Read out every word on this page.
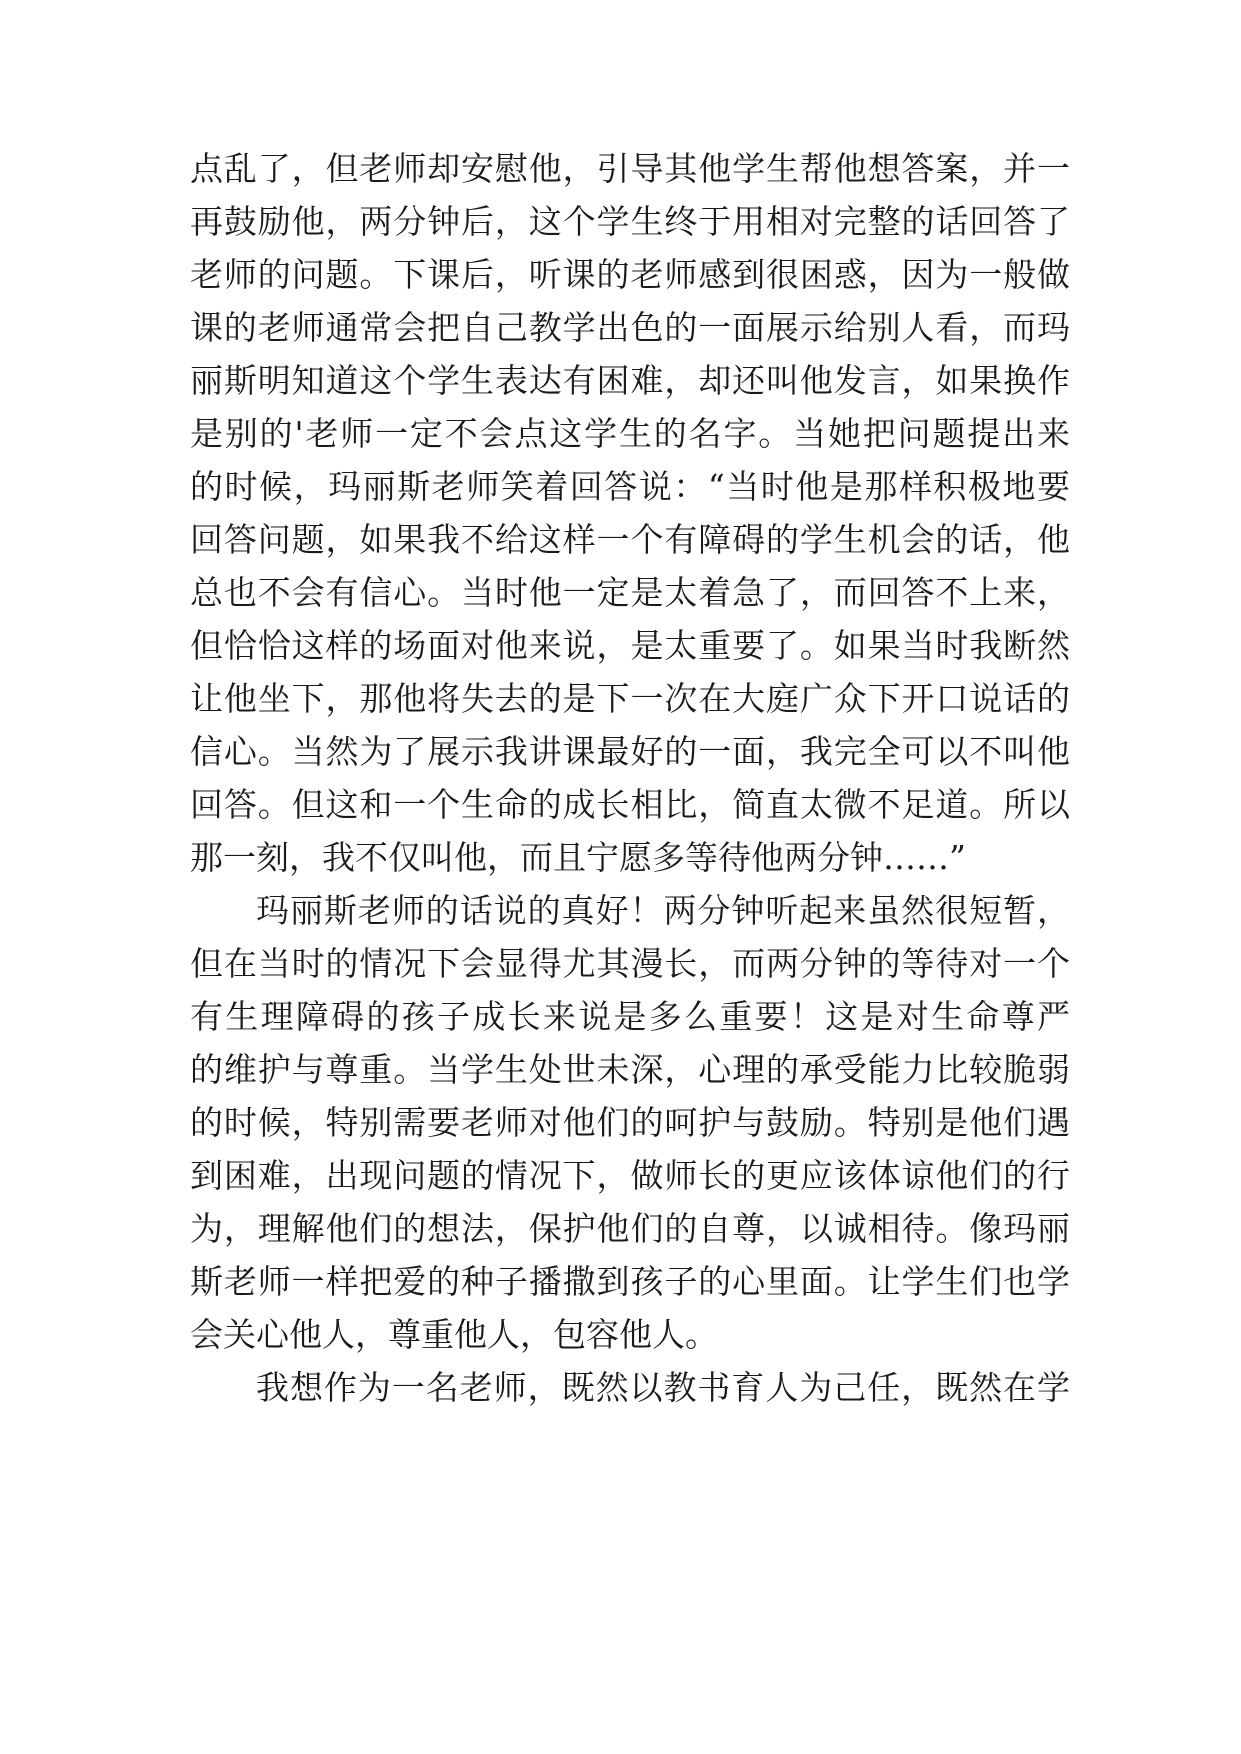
点乱了，但老师却安慰他，引导其他学生帮他想答案，并一
再鼓励他，两分钟后，这个学生终于用相对完整的话回答了
老师的问题。下课后，听课的老师感到很困惑，因为一般做
课的老师通常会把自己教学出色的一面展示给别人看，而玛
丽斯明知道这个学生表达有困难，却还叫他发言，如果换作
是别的'老师一定不会点这学生的名字。当她把问题提出来
的时候，玛丽斯老师笑着回答说：“当时他是那样积极地要
回答问题，如果我不给这样一个有障碍的学生机会的话，他
总也不会有信心。当时他一定是太着急了，而回答不上来，
但恰恰这样的场面对他来说，是太重要了。如果当时我断然
让他坐下，那他将失去的是下一次在大庭广众下开口说话的
信心。当然为了展示我讲课最好的一面，我完全可以不叫他
回答。但这和一个生命的成长相比，简直太微不足道。所以
那一刻，我不仅叫他，而且宁愿多等待他两分钟……”
玛丽斯老师的话说的真好！两分钟听起来虽然很短暂，
但在当时的情况下会显得尤其漫长，而两分钟的等待对一个
有生理障碍的孩子成长来说是多么重要！这是对生命尊严
的维护与尊重。当学生处世未深，心理的承受能力比较脆弱
的时候，特别需要老师对他们的呵护与鼓励。特别是他们遇
到困难，出现问题的情况下，做师长的更应该体谅他们的行
为，理解他们的想法，保护他们的自尊，以诚相待。像玛丽
斯老师一样把爱的种子播撒到孩子的心里面。让学生们也学
会关心他人，尊重他人，包容他人。
我想作为一名老师，既然以教书育人为己任，既然在学
